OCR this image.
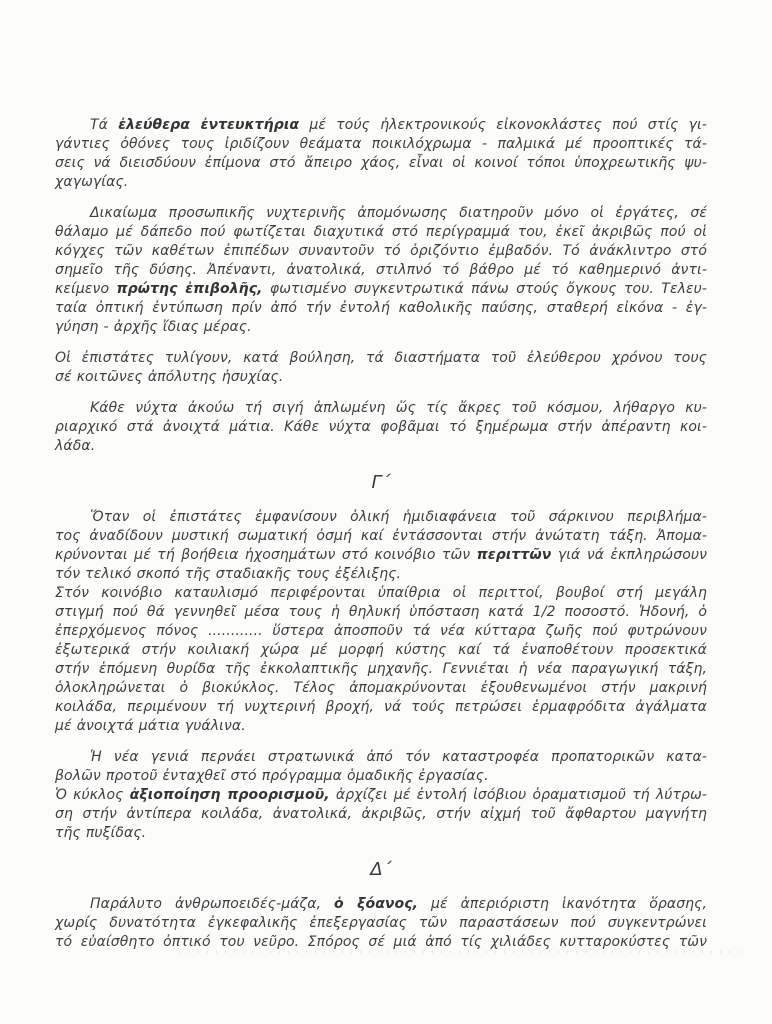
Τά ἐλεύθερα ἐντευκτήρια μέ τούς ἠλεκτρονικούς εἰκονοκλάστες πού στίς γι-
γάντιες ὀθόνες τους ἰριδίζουν θεάματα ποικιλόχρωμα - παλμικά μέ προοπτικές τά-
σεις νά διεισδύουν ἐπίμονα στό ἄπειρο χάος, εἶναι οἱ κοινοί τόποι ὑποχρεωτικῆς ψυ-
χαγωγίας.
Δικαίωμα προσωπικῆς νυχτερινῆς ἀπομόνωσης διατηροῦν μόνο οἱ ἐργάτες, σέ
θάλαμο μέ δάπεδο πού φωτίζεται διαχυτικά στό περίγραμμά του, ἐκεῖ ἀκριβῶς πού οἱ
κόγχες τῶν καθέτων ἐπιπέδων συναντοῦν τό ὁριζόντιο ἐμβαδόν. Τό ἀνάκλιντρο στό
σημεῖο τῆς δύσης. Ἀπέναντι, ἀνατολικά, στιλπνό τό βάθρο μέ τό καθημερινό ἀντι-
κείμενο πρώτης ἐπιβολῆς, φωτισμένο συγκεντρωτικά πάνω στούς ὄγκους του. Τελευ-
ταία ὀπτική ἐντύπωση πρίν ἀπό τήν ἐντολή καθολικῆς παύσης, σταθερή εἰκόνα - ἐγ-
γύηση - ἀρχῆς ἴδιας μέρας.
Οἱ ἐπιστάτες τυλίγουν, κατά βούληση, τά διαστήματα τοῦ ἐλεύθερου χρόνου τους
σέ κοιτῶνες ἀπόλυτης ἡσυχίας.
Κάθε νύχτα ἀκούω τή σιγή ἁπλωμένη ὥς τίς ἄκρες τοῦ κόσμου, λήθαργο κυ-
ριαρχικό στά ἀνοιχτά μάτια. Κάθε νύχτα φοβᾶμαι τό ξημέρωμα στήν ἀπέραντη κοι-
λάδα.
Γ´
Ὅταν οἱ ἐπιστάτες ἐμφανίσουν ὁλική ἡμιδιαφάνεια τοῦ σάρκινου περιβλήμα-
τος ἀναδίδουν μυστική σωματική ὀσμή καί ἐντάσσονται στήν ἀνώτατη τάξη. Ἀπομα-
κρύνονται μέ τή βοήθεια ἠχοσημάτων στό κοινόβιο τῶν περιττῶν γιά νά ἐκπληρώσουν
τόν τελικό σκοπό τῆς σταδιακῆς τους ἐξέλιξης.
Στόν κοινόβιο καταυλισμό περιφέρονται ὑπαίθρια οἱ περιττοί, βουβοί στή μεγάλη
στιγμή πού θά γεννηθεῖ μέσα τους ἡ θηλυκή ὑπόσταση κατά 1/2 ποσοστό. Ἡδονή, ὁ
ἐπερχόμενος πόνος ............ ὕστερα ἀποσποῦν τά νέα κύτταρα ζωῆς πού φυτρώνουν
ἐξωτερικά στήν κοιλιακή χώρα μέ μορφή κύστης καί τά ἐναποθέτουν προσεκτικά
στήν ἑπόμενη θυρίδα τῆς ἐκκολαπτικῆς μηχανῆς. Γεννιέται ἡ νέα παραγωγική τάξη,
ὁλοκληρώνεται ὁ βιοκύκλος. Τέλος ἀπομακρύνονται ἐξουθενωμένοι στήν μακρινή
κοιλάδα, περιμένουν τή νυχτερινή βροχή, νά τούς πετρώσει ἑρμαφρόδιτα ἀγάλματα
μέ ἀνοιχτά μάτια γυάλινα.
Ἡ νέα γενιά περνάει στρατωνικά ἀπό τόν καταστροφέα προπατορικῶν κατα-
βολῶν προτοῦ ἐνταχθεῖ στό πρόγραμμα ὁμαδικῆς ἐργασίας.
Ὁ κύκλος ἀξιοποίηση προορισμοῦ, ἀρχίζει μέ ἐντολή ἰσόβιου ὁραματισμοῦ τή λύτρω-
ση στήν ἀντίπερα κοιλάδα, ἀνατολικά, ἀκριβῶς, στήν αἰχμή τοῦ ἄφθαρτου μαγνήτη
τῆς πυξίδας.
Δ´
Παράλυτο ἀνθρωποειδές-μάζα, ὁ ξόανος, μέ ἀπεριόριστη ἱκανότητα ὅρασης,
χωρίς δυνατότητα ἐγκεφαλικῆς ἐπεξεργασίας τῶν παραστάσεων πού συγκεντρώνει
τό εὐαίσθητο ὀπτικό του νεῦρο. Σπόρος σέ μιά ἀπό τίς χιλιάδες κυτταροκύστες τῶν
